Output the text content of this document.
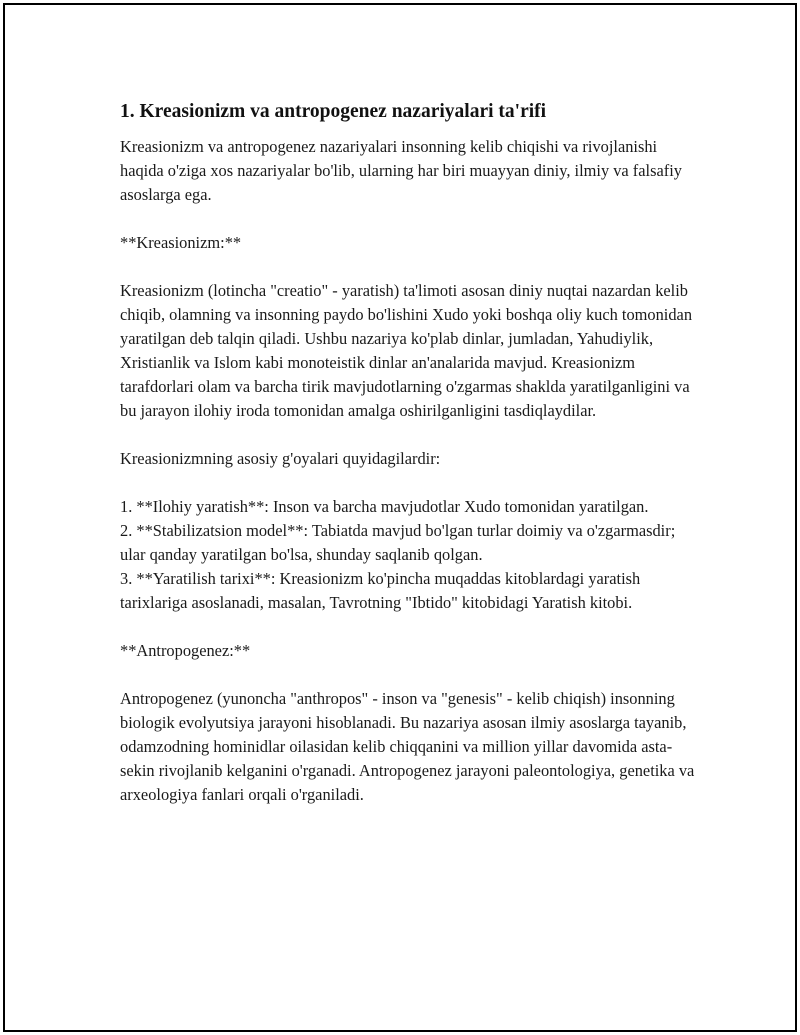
1. Kreasionizm va antropogenez nazariyalari ta'rifi

Kreasionizm va antropogenez nazariyalari insonning kelib chiqishi va rivojlanishi haqida o'ziga xos nazariyalar bo'lib, ularning har biri muayyan diniy, ilmiy va falsafiy asoslarga ega.

**Kreasionizm:**

Kreasionizm (lotincha "creatio" - yaratish) ta'limoti asosan diniy nuqtai nazardan kelib chiqib, olamning va insonning paydo bo'lishini Xudo yoki boshqa oliy kuch tomonidan yaratilgan deb talqin qiladi. Ushbu nazariya ko'plab dinlar, jumladan, Yahudiylik, Xristianlik va Islom kabi monoteistik dinlar an'analarida mavjud. Kreasionizm tarafdorlari olam va barcha tirik mavjudotlarning o'zgarmas shaklda yaratilganligini va bu jarayon ilohiy iroda tomonidan amalga oshirilganligini tasdiqlaydilar.

Kreasionizmning asosiy g'oyalari quyidagilardir:

1. **Ilohiy yaratish**: Inson va barcha mavjudotlar Xudo tomonidan yaratilgan.
2. **Stabilizatsion model**: Tabiatda mavjud bo'lgan turlar doimiy va o'zgarmasdir; ular qanday yaratilgan bo'lsa, shunday saqlanib qolgan.
3. **Yaratilish tarixi**: Kreasionizm ko'pincha muqaddas kitoblardagi yaratish tarixlariga asoslanadi, masalan, Tavrotning "Ibtido" kitobidagi Yaratish kitobi.

**Antropogenez:**

Antropogenez (yunoncha "anthropos" - inson va "genesis" - kelib chiqish) insonning biologik evolyutsiya jarayoni hisoblanadi. Bu nazariya asosan ilmiy asoslarga tayanib, odamzodning hominidlar oilasidan kelib chiqqanini va million yillar davomida asta-sekin rivojlanib kelganini o'rganadi. Antropogenez jarayoni paleontologiya, genetika va arxeologiya fanlari orqali o'rganiladi.
